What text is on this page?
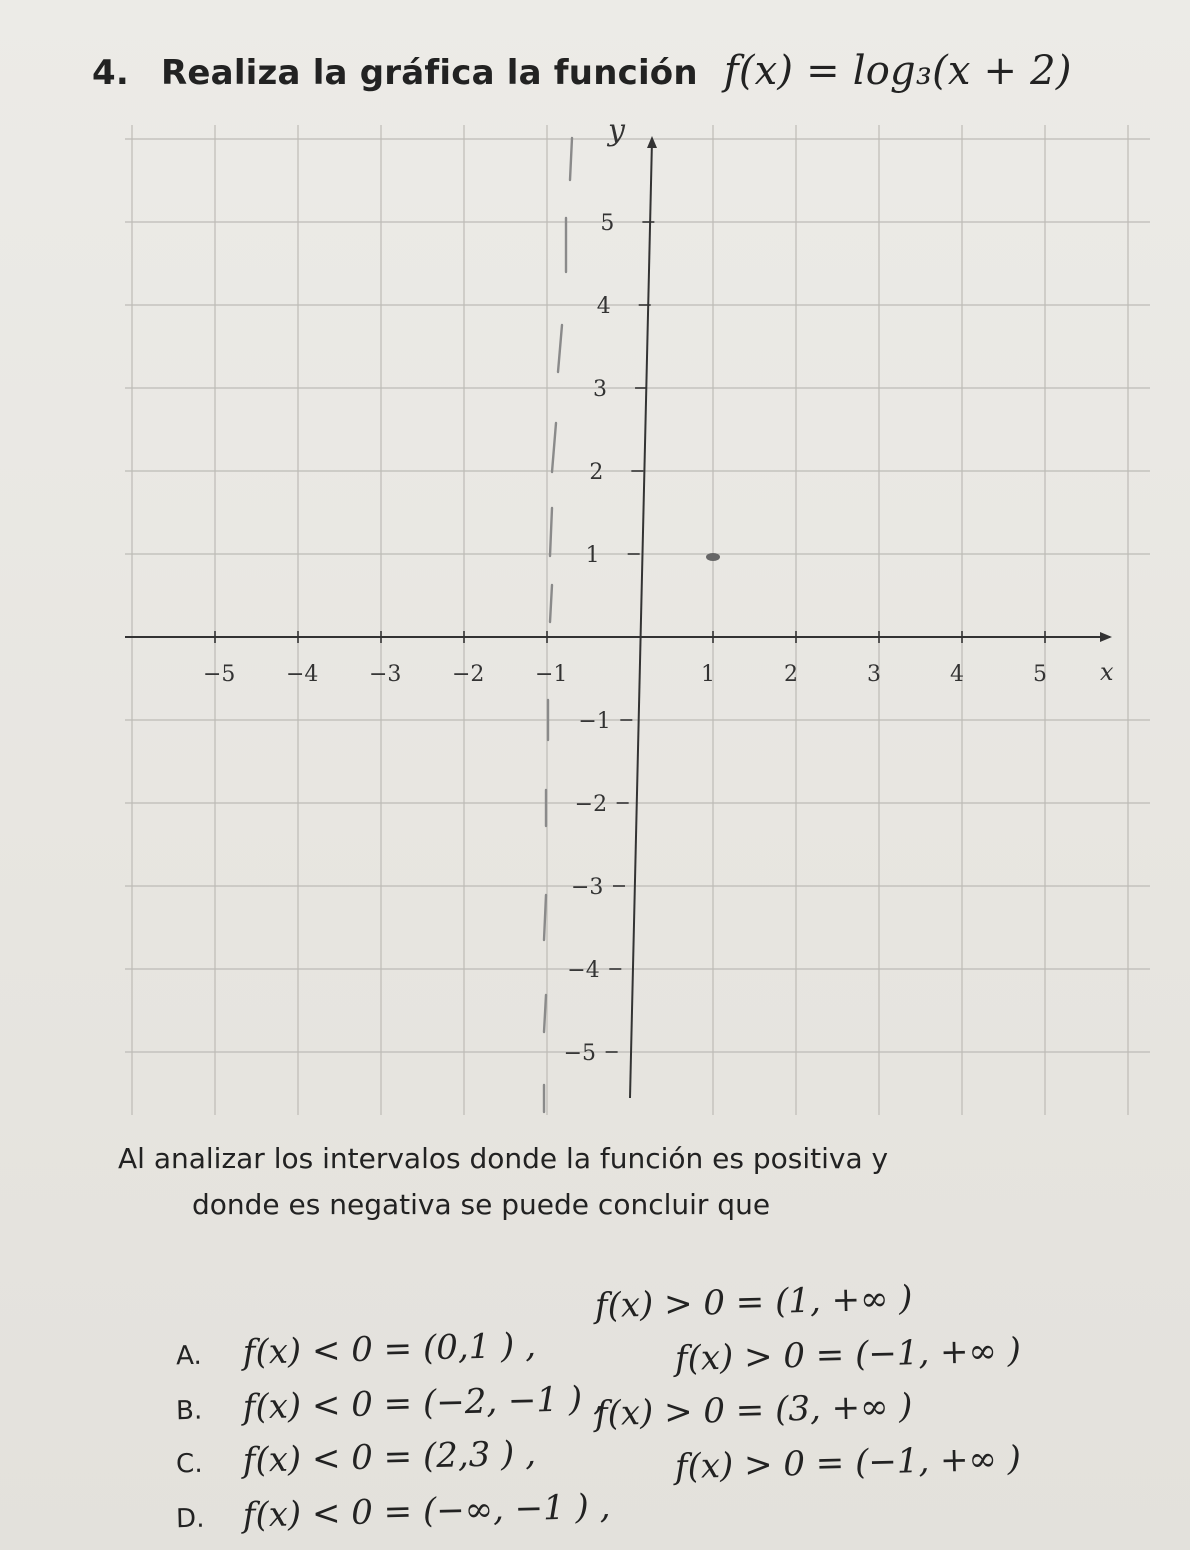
4. Realiza la gráfica la función f(x) = log₃(x + 2)
−5 −4 −3 −2 −1	1	2	3	4	5
5
4
3
2
1
−1
−2
−3
−4
−5
x
y
Al analizar los intervalos donde la función es positiva y
donde es negativa se puede concluir que
A. f(x) < 0 = (0,1 ) ,
f(x) > 0 = (1, +∞ )
B. f(x) < 0 = (−2, −1 ) ,
f(x) > 0 = (−1, +∞ )
C. f(x) < 0 = (2,3 ) ,
f(x) > 0 = (3, +∞ )
D. f(x) < 0 = (−∞, −1 ) ,
f(x) > 0 = (−1, +∞ )
